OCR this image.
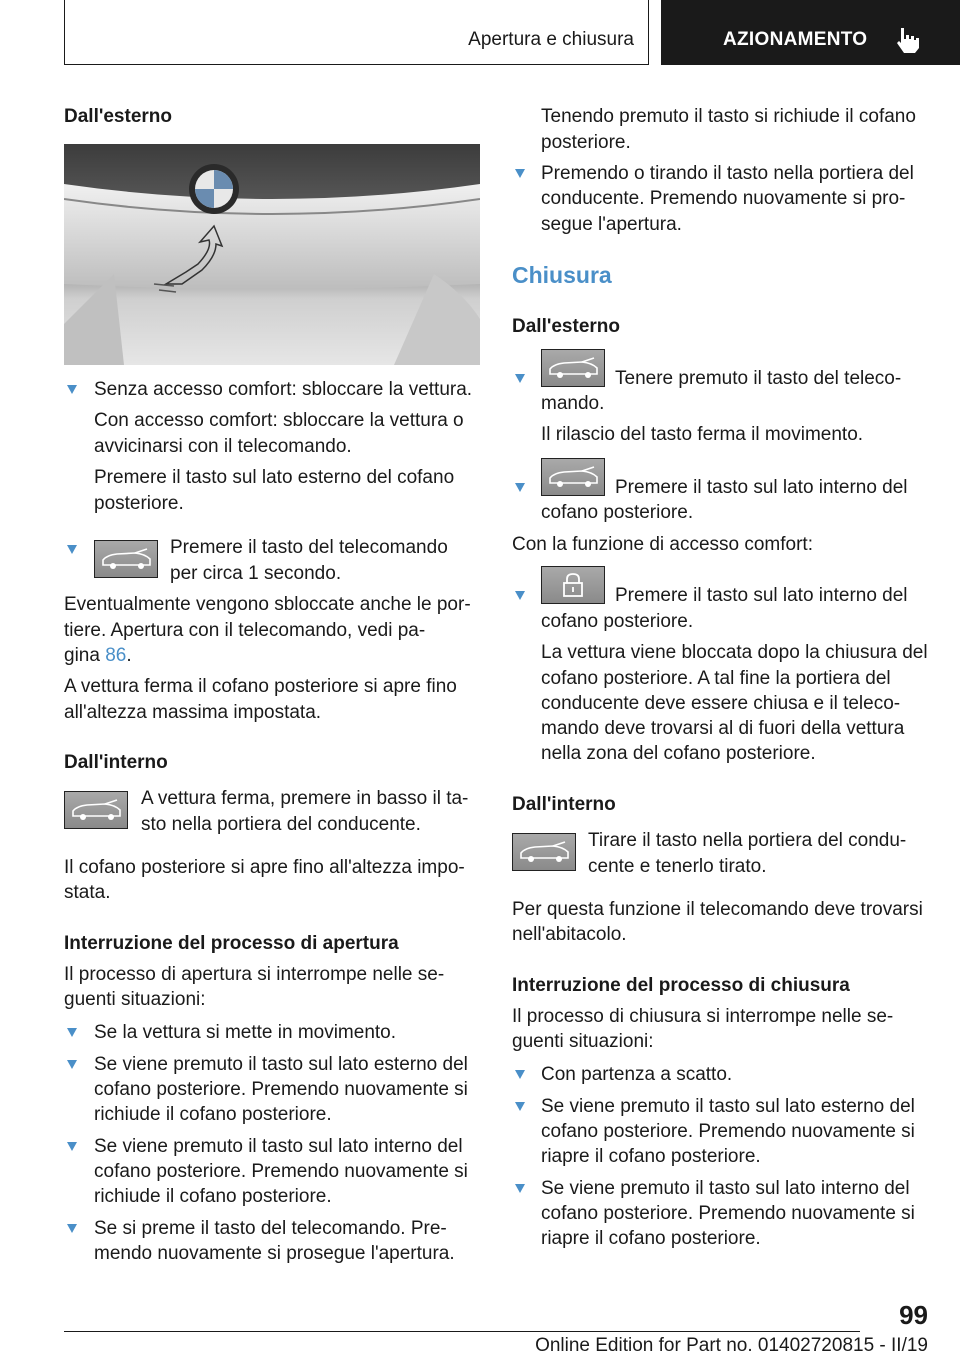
Apertura e chiusura	AZIONAMENTO
Dall'esterno
Senza accesso comfort: sbloccare la vettura.
Con accesso comfort: sbloccare la vettura o
avvicinarsi con il telecomando.
Premere il tasto sul lato esterno del cofano
posteriore.
Premere il tasto del telecomando
per circa 1 secondo.
Eventualmente vengono sbloccate anche le por-
tiere. Apertura con il telecomando, vedi pa-
gina 86.
A vettura ferma il cofano posteriore si apre fino
all'altezza massima impostata.
Dall'interno
A vettura ferma, premere in basso il ta-
sto nella portiera del conducente.
Il cofano posteriore si apre fino all'altezza impo-
stata.
Interruzione del processo di apertura
Il processo di apertura si interrompe nelle se-
guenti situazioni:
Se la vettura si mette in movimento.
Se viene premuto il tasto sul lato esterno del
cofano posteriore. Premendo nuovamente si
richiude il cofano posteriore.
Se viene premuto il tasto sul lato interno del
cofano posteriore. Premendo nuovamente si
richiude il cofano posteriore.
Se si preme il tasto del telecomando. Pre-
mendo nuovamente si prosegue l'apertura.
Tenendo premuto il tasto si richiude il cofano
posteriore.
Premendo o tirando il tasto nella portiera del
conducente. Premendo nuovamente si pro-
segue l'apertura.
Chiusura
Dall'esterno
Tenere premuto il tasto del teleco-
mando.
Il rilascio del tasto ferma il movimento.
Premere il tasto sul lato interno del
cofano posteriore.
Con la funzione di accesso comfort:
Premere il tasto sul lato interno del
cofano posteriore.
La vettura viene bloccata dopo la chiusura del
cofano posteriore. A tal fine la portiera del
conducente deve essere chiusa e il teleco-
mando deve trovarsi al di fuori della vettura
nella zona del cofano posteriore.
Dall'interno
Tirare il tasto nella portiera del condu-
cente e tenerlo tirato.
Per questa funzione il telecomando deve trovarsi
nell'abitacolo.
Interruzione del processo di chiusura
Il processo di chiusura si interrompe nelle se-
guenti situazioni:
Con partenza a scatto.
Se viene premuto il tasto sul lato esterno del
cofano posteriore. Premendo nuovamente si
riapre il cofano posteriore.
Se viene premuto il tasto sul lato interno del
cofano posteriore. Premendo nuovamente si
riapre il cofano posteriore.
99
Online Edition for Part no. 01402720815 - II/19
